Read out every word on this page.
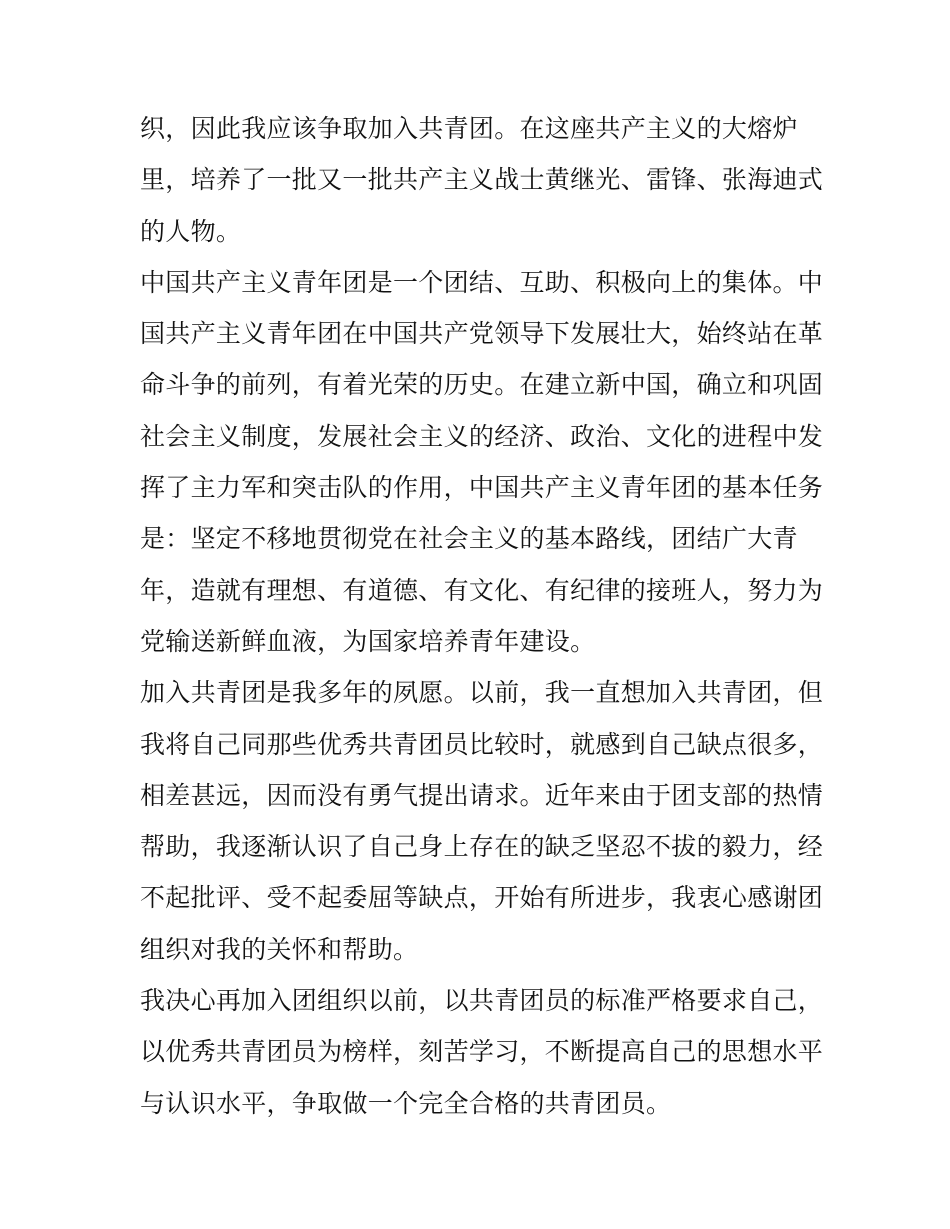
织，因此我应该争取加入共青团。在这座共产主义的大熔炉
里，培养了一批又一批共产主义战士黄继光、雷锋、张海迪式
的人物。
中国共产主义青年团是一个团结、互助、积极向上的集体。中
国共产主义青年团在中国共产党领导下发展壮大，始终站在革
命斗争的前列，有着光荣的历史。在建立新中国，确立和巩固
社会主义制度，发展社会主义的经济、政治、文化的进程中发
挥了主力军和突击队的作用，中国共产主义青年团的基本任务
是：坚定不移地贯彻党在社会主义的基本路线，团结广大青
年，造就有理想、有道德、有文化、有纪律的接班人，努力为
党输送新鲜血液，为国家培养青年建设。
加入共青团是我多年的夙愿。以前，我一直想加入共青团，但
我将自己同那些优秀共青团员比较时，就感到自己缺点很多，
相差甚远，因而没有勇气提出请求。近年来由于团支部的热情
帮助，我逐渐认识了自己身上存在的缺乏坚忍不拔的毅力，经
不起批评、受不起委屈等缺点，开始有所进步，我衷心感谢团
组织对我的关怀和帮助。
我决心再加入团组织以前，以共青团员的标准严格要求自己，
以优秀共青团员为榜样，刻苦学习，不断提高自己的思想水平
与认识水平，争取做一个完全合格的共青团员。
